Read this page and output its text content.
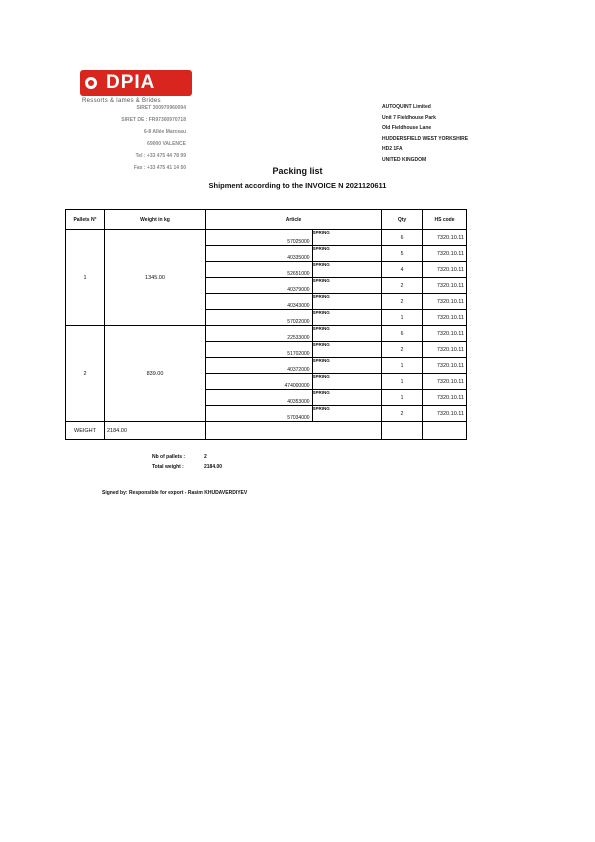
DPIA
Ressorts & lames & Brides
SIRET 300970960094
SIRET DE : FR97300970718
6-8 Allée Marceau
69000 VALENCE
Tel : +33 475 44 78 99
Fax : +33 475 41 14 50
AUTOQUINT Limited
Unit 7 Fieldhouse Park
Old Fieldhouse Lane
HUDDERSFIELD WEST YORKSHIRE
HD2 1FA
UNITED KINGDOM
Packing list
Shipment according to the INVOICE N 2021120611
Pallets N°	Weight in kg	Article		Qty	HS code
1	1345.00	57025000	SPRING	6	7320.10.11
		40335000	SPRING	5	7320.10.11
		52651000	SPRING	4	7320.10.11
		40379000	SPRING	2	7320.10.11
		40343000	SPRING	2	7320.10.11
		57022000	SPRING	1	7320.10.11
2	839.00	22533000	SPRING	6	7320.10.11
		51702000	SPRING	2	7320.10.11
		40372000	SPRING	1	7320.10.11
		474000000	SPRING	1	7320.10.11
		40353000	SPRING	1	7320.10.11
		57034000	SPRING	2	7320.10.11
WEIGHT	2184.00				
Nb of pallets :	2
Total weight :	2184.00
Signed by: Responsible for export - Rasim KHUDAVERDIYEV
